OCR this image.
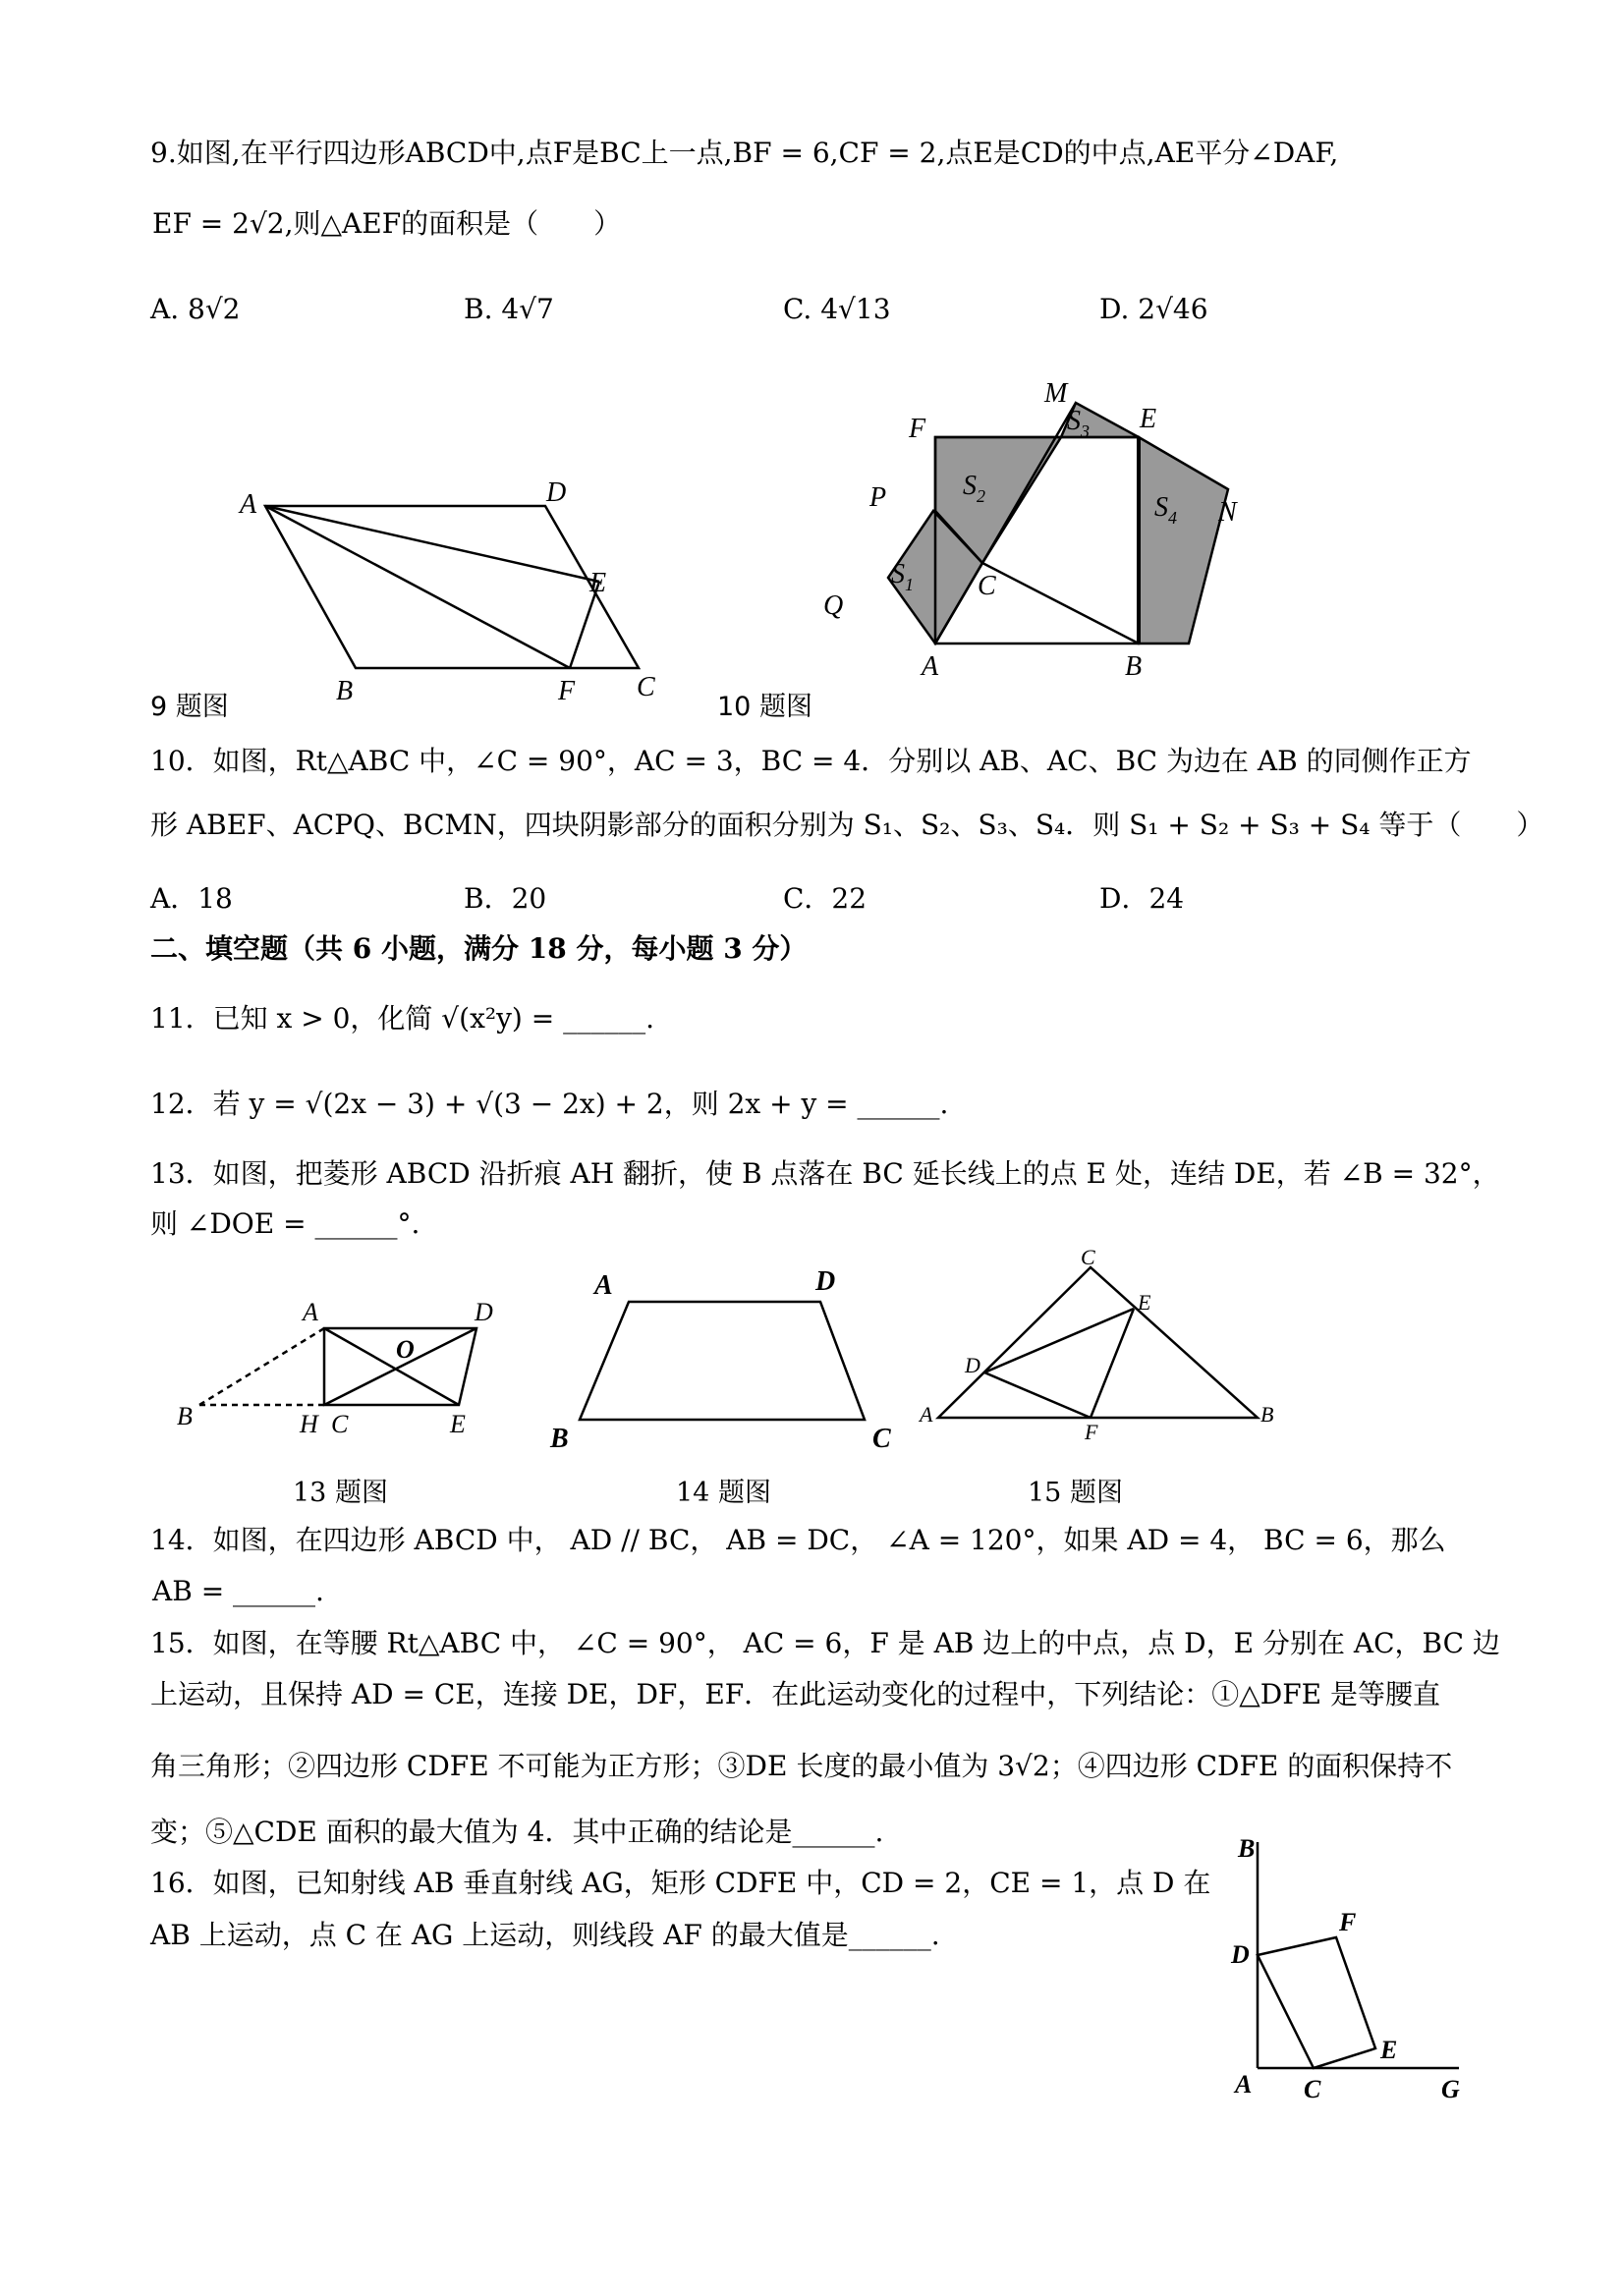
9.如图,在平行四边形ABCD中,点F是BC上一点,BF = 6,CF = 2,点E是CD的中点,AE平分∠DAF,
EF = 2√2,则△AEF的面积是（　　）
A. 8√2	B. 4√7	C. 4√13	D. 2√46
A	D
E
B	F C
9 题图
M
E
F
P	N
Q
C
A	B
$S_1$
$S_2$
$S_3$
$S_4$
10 题图
10．如图，Rt△ABC 中，∠C = 90°，AC = 3，BC = 4．分别以 AB、AC、BC 为边在 AB 的同侧作正方
形 ABEF、ACPQ、BCMN，四块阴影部分的面积分别为 S₁、S₂、S₃、S₄．则 S₁ + S₂ + S₃ + S₄ 等于（　　）
A．18	B．20	C．22	D．24
二、填空题（共 6 小题，满分 18 分，每小题 3 分）
11．已知 x > 0，化简 √(x²y) = ______.
12．若 y = √(2x − 3) + √(3 − 2x) + 2，则 2x + y = ______.
13．如图，把菱形 ABCD 沿折痕 AH 翻折，使 B 点落在 BC 延长线上的点 E 处，连结 DE，若 ∠B = 32°，
则 ∠DOE = ______°.
A	D
O
B	H C	E
13 题图
A	D
B	C
14 题图
C
E
D
A
F
B
15 题图
14．如图，在四边形 ABCD 中， AD // BC， AB = DC， ∠A = 120°，如果 AD = 4， BC = 6，那么
AB = ______.
15．如图，在等腰 Rt△ABC 中， ∠C = 90°， AC = 6，F 是 AB 边上的中点，点 D，E 分别在 AC，BC 边
上运动，且保持 AD = CE，连接 DE，DF，EF．在此运动变化的过程中，下列结论：①△DFE 是等腰直
角三角形；②四边形 CDFE 不可能为正方形；③DE 长度的最小值为 3√2；④四边形 CDFE 的面积保持不
变；⑤△CDE 面积的最大值为 4．其中正确的结论是______.
16．如图，已知射线 AB 垂直射线 AG，矩形 CDFE 中，CD = 2，CE = 1，点 D 在
AB 上运动，点 C 在 AG 上运动，则线段 AF 的最大值是______.
B
F
D
E
A C	G
